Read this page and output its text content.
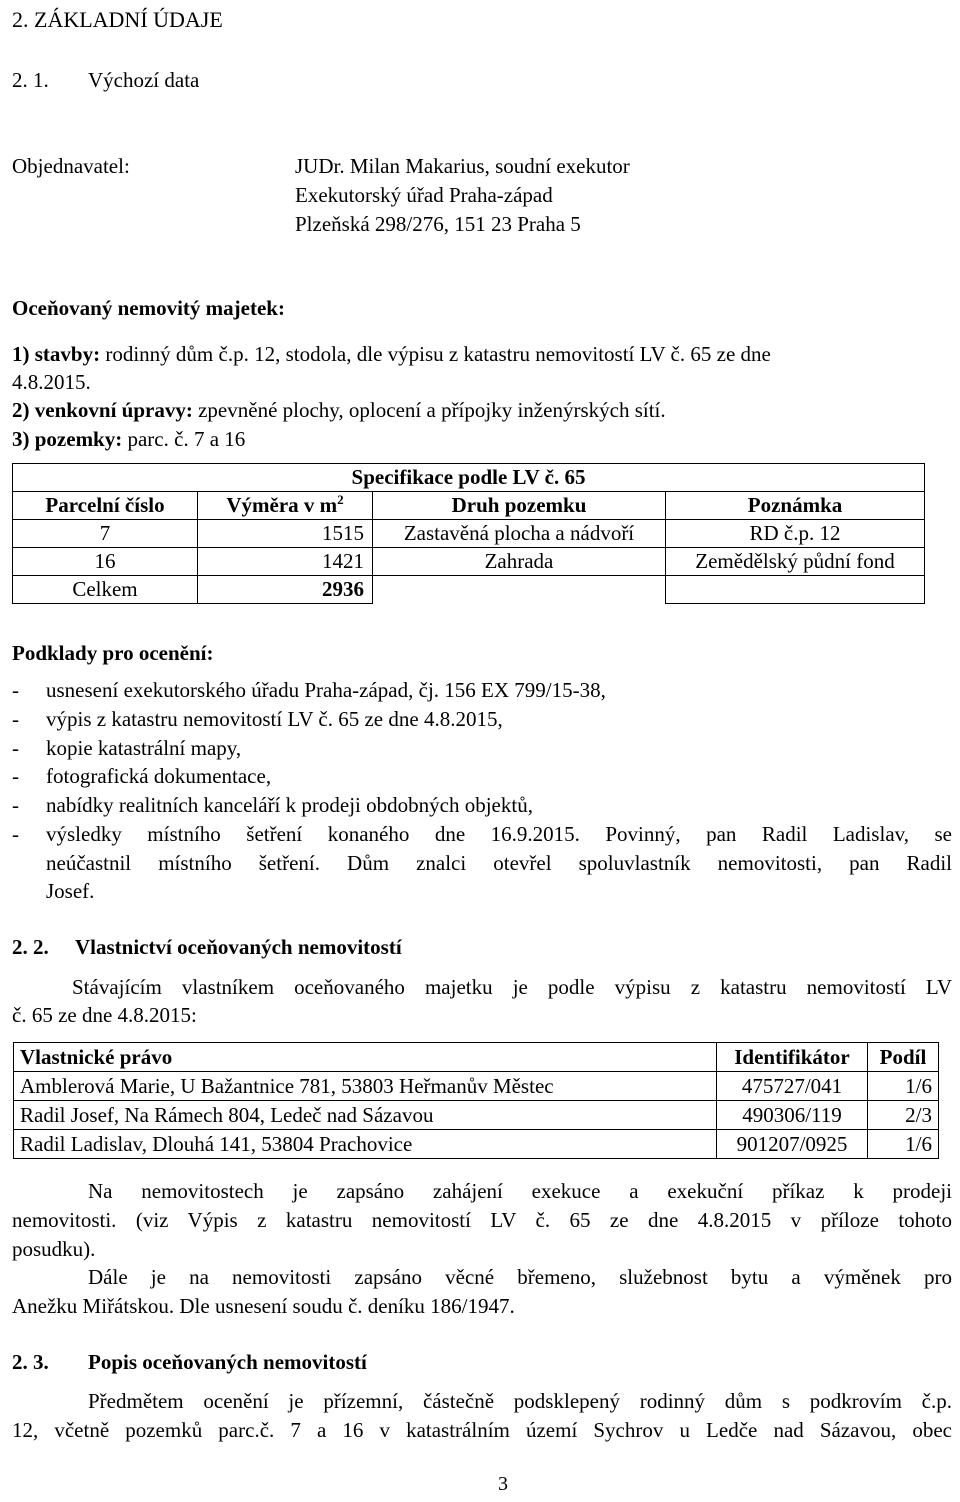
2. ZÁKLADNÍ ÚDAJE
2. 1. Výchozí data
Objednavatel:	JUDr. Milan Makarius, soudní exekutor
Exekutorský úřad Praha-západ
Plzeňská 298/276, 151 23 Praha 5
Oceňovaný nemovitý majetek:
1) stavby: rodinný dům č.p. 12, stodola, dle výpisu z katastru nemovitostí LV č. 65 ze dne
4.8.2015.
2) venkovní úpravy: zpevněné plochy, oplocení a přípojky inženýrských sítí.
3) pozemky: parc. č. 7 a 16
Specifikace podle LV č. 65			
Parcelní číslo	Výměra v $m^2$	Druh pozemku	Poznámka
7	1515	Zastavěná plocha a nádvoří	RD č.p. 12
16	1421	Zahrada	Zemědělský půdní fond
Celkem	2936		
Podklady pro ocenění:
- usnesení exekutorského úřadu Praha-západ, čj. 156 EX 799/15-38,
- výpis z katastru nemovitostí LV č. 65 ze dne 4.8.2015,
- kopie katastrální mapy,
- fotografická dokumentace,
- nabídky realitních kanceláří k prodeji obdobných objektů,
- výsledky místního šetření konaného dne 16.9.2015. Povinný, pan Radil Ladislav, se
neúčastnil místního šetření. Dům znalci otevřel spoluvlastník nemovitosti, pan Radil
Josef.
2. 2. Vlastnictví oceňovaných nemovitostí
Stávajícím vlastníkem oceňovaného majetku je podle výpisu z katastru nemovitostí LV
č. 65 ze dne 4.8.2015:
Vlastnické právo	Identifikátor	Podíl
Amblerová Marie, U Bažantnice 781, 53803 Heřmanův Městec	475727/041	1/6
Radil Josef, Na Rámech 804, Ledeč nad Sázavou	490306/119	2/3
Radil Ladislav, Dlouhá 141, 53804 Prachovice	901207/0925	1/6
Na nemovitostech je zapsáno zahájení exekuce a exekuční příkaz k prodeji
nemovitosti. (viz Výpis z katastru nemovitostí LV č. 65 ze dne 4.8.2015 v příloze tohoto
posudku).
Dále je na nemovitosti zapsáno věcné břemeno, služebnost bytu a výměnek pro
Anežku Miřátskou. Dle usnesení soudu č. deníku 186/1947.
2. 3. Popis oceňovaných nemovitostí
Předmětem ocenění je přízemní, částečně podsklepený rodinný dům s podkrovím č.p.
12, včetně pozemků parc.č. 7 a 16 v katastrálním území Sychrov u Ledče nad Sázavou, obec
3
